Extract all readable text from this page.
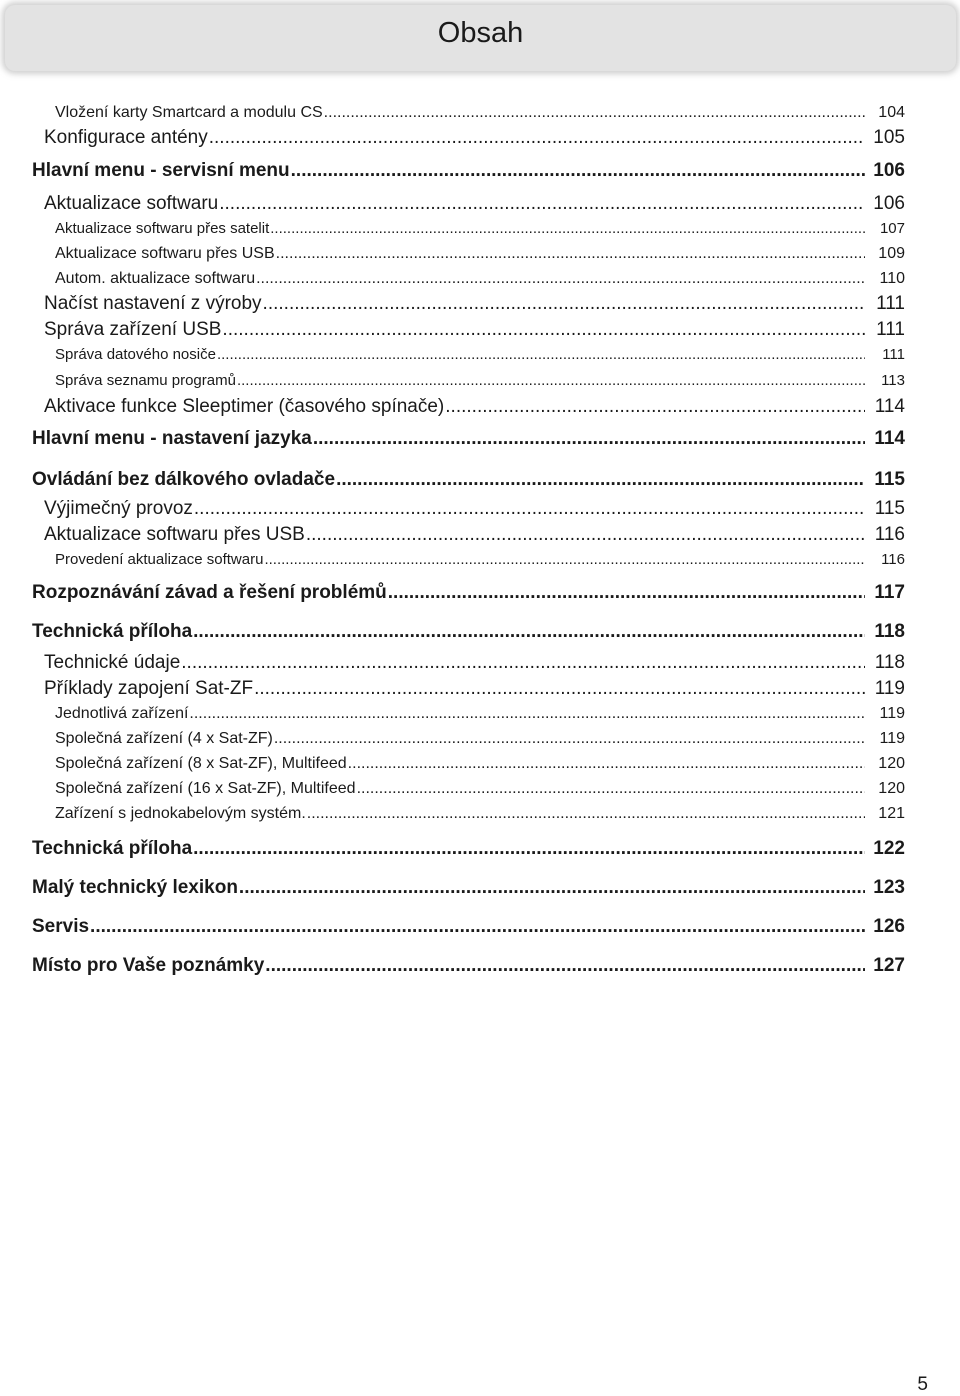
Obsah
Vložení karty Smartcard a modulu CS .....	104
Konfigurace antény .....	105
Hlavní menu - servisní menu .....	106
Aktualizace softwaru .....	106
Aktualizace softwaru přes satelit .....	107
Aktualizace softwaru přes USB .....	109
Autom. aktualizace softwaru .....	110
Načíst nastavení z výroby .....	111
Správa zařízení USB .....	111
Správa datového nosiče .....	111
Správa seznamu programů .....	113
Aktivace funkce Sleeptimer (časového spínače) .....	114
Hlavní menu - nastavení jazyka .....	114
Ovládání bez dálkového ovladače .....	115
Výjimečný provoz .....	115
Aktualizace softwaru přes USB .....	116
Provedení aktualizace softwaru .....	116
Rozpoznávání závad a řešení problémů .....	117
Technická příloha .....	118
Technické údaje .....	118
Příklady zapojení Sat-ZF .....	119
Jednotlivá zařízení .....	119
Společná zařízení (4 x Sat-ZF) .....	119
Společná zařízení (8 x Sat-ZF), Multifeed .....	120
Společná zařízení (16 x Sat-ZF), Multifeed .....	120
Zařízení s jednokabelovým systém. .....	121
Technická příloha .....	122
Malý technický lexikon .....	123
Servis .....	126
Místo pro Vaše poznámky .....	127
5
